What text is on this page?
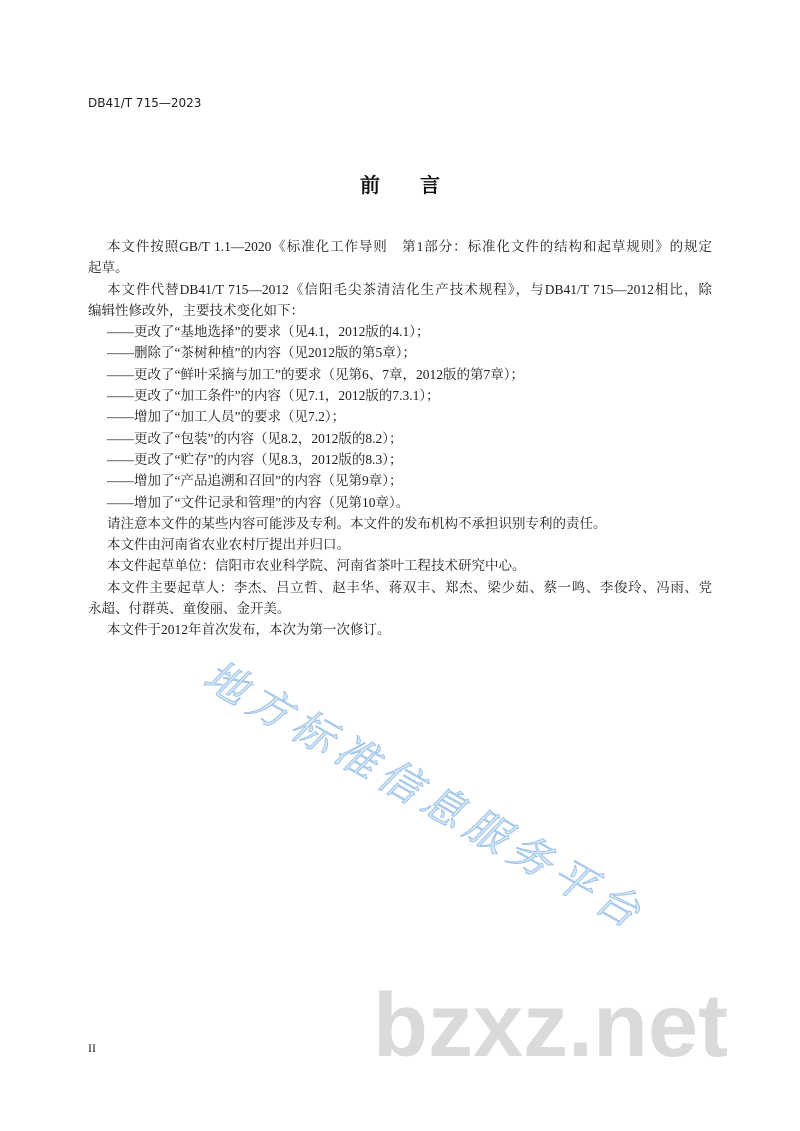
DB41/T 715—2023
前　　言
本文件按照GB/T 1.1—2020《标准化工作导则　第1部分：标准化文件的结构和起草规则》的规定
起草。
本文件代替DB41/T 715—2012《信阳毛尖茶清洁化生产技术规程》，与DB41/T 715—2012相比，除
编辑性修改外，主要技术变化如下：
——更改了“基地选择”的要求（见4.1，2012版的4.1）；
——删除了“茶树种植”的内容（见2012版的第5章）；
——更改了“鲜叶采摘与加工”的要求（见第6、7章，2012版的第7章）；
——更改了“加工条件”的内容（见7.1，2012版的7.3.1）；
——增加了“加工人员”的要求（见7.2）；
——更改了“包装”的内容（见8.2，2012版的8.2）；
——更改了“贮存”的内容（见8.3，2012版的8.3）；
——增加了“产品追溯和召回”的内容（见第9章）；
——增加了“文件记录和管理”的内容（见第10章）。
请注意本文件的某些内容可能涉及专利。本文件的发布机构不承担识别专利的责任。
本文件由河南省农业农村厅提出并归口。
本文件起草单位：信阳市农业科学院、河南省茶叶工程技术研究中心。
本文件主要起草人：李杰、吕立哲、赵丰华、蒋双丰、郑杰、梁少茹、蔡一鸣、李俊玲、冯雨、党
永超、付群英、童俊丽、金开美。
本文件于2012年首次发布，本次为第一次修订。
地方标准信息服务平台
bzxz.net
II
